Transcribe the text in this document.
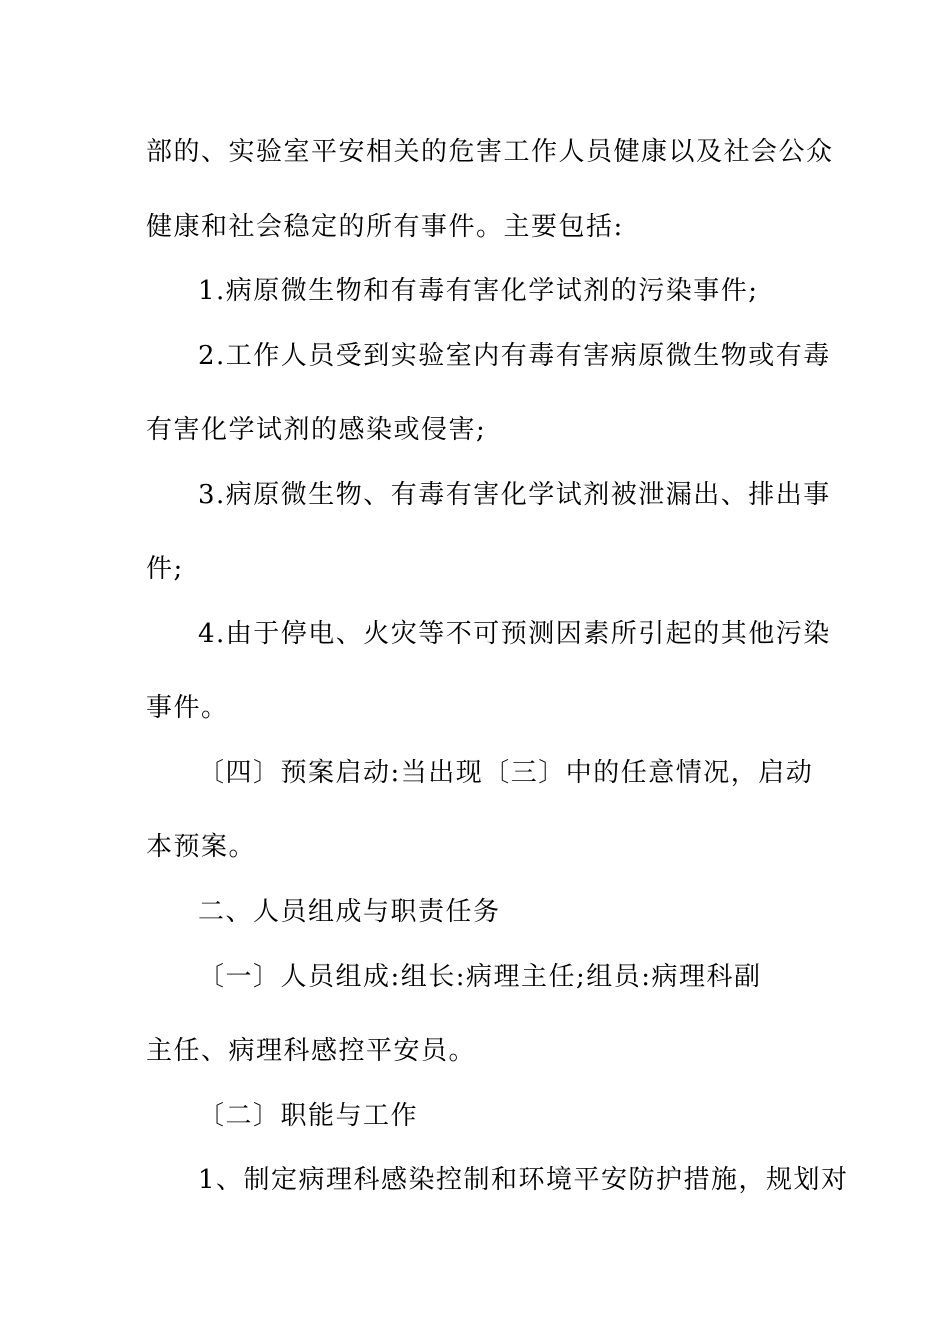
部的、实验室平安相关的危害工作人员健康以及社会公众
健康和社会稳定的所有事件。主要包括:
1.病原微生物和有毒有害化学试剂的污染事件;
2.工作人员受到实验室内有毒有害病原微生物或有毒
有害化学试剂的感染或侵害;
3.病原微生物、有毒有害化学试剂被泄漏出、排出事
件;
4.由于停电、火灾等不可预测因素所引起的其他污染
事件。
〔四〕预案启动:当出现〔三〕中的任意情况，启动
本预案。
二、人员组成与职责任务
〔一〕人员组成:组长:病理主任;组员:病理科副
主任、病理科感控平安员。
〔二〕职能与工作
1、制定病理科感染控制和环境平安防护措施，规划对
